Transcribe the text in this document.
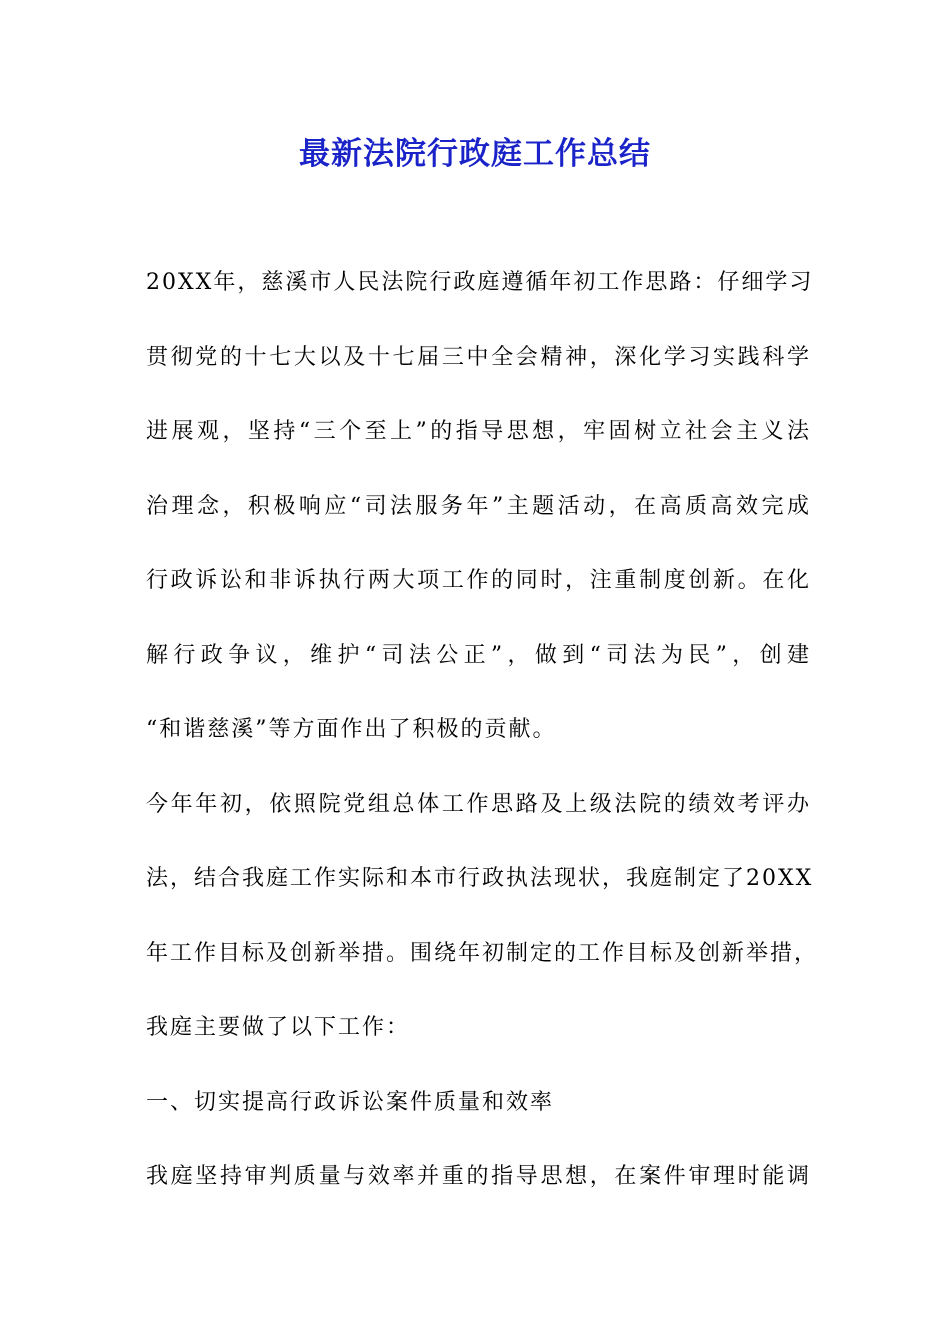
最新法院行政庭工作总结
20XX年，慈溪市人民法院行政庭遵循年初工作思路：仔细学习
贯彻党的十七大以及十七届三中全会精神，深化学习实践科学
进展观，坚持“三个至上”的指导思想，牢固树立社会主义法
治理念，积极响应“司法服务年”主题活动，在高质高效完成
行政诉讼和非诉执行两大项工作的同时，注重制度创新。在化
解行政争议，维护“司法公正”，做到“司法为民”，创建
“和谐慈溪”等方面作出了积极的贡献。
今年年初，依照院党组总体工作思路及上级法院的绩效考评办
法，结合我庭工作实际和本市行政执法现状，我庭制定了20XX
年工作目标及创新举措。围绕年初制定的工作目标及创新举措，
我庭主要做了以下工作：
一、切实提高行政诉讼案件质量和效率
我庭坚持审判质量与效率并重的指导思想，在案件审理时能调
